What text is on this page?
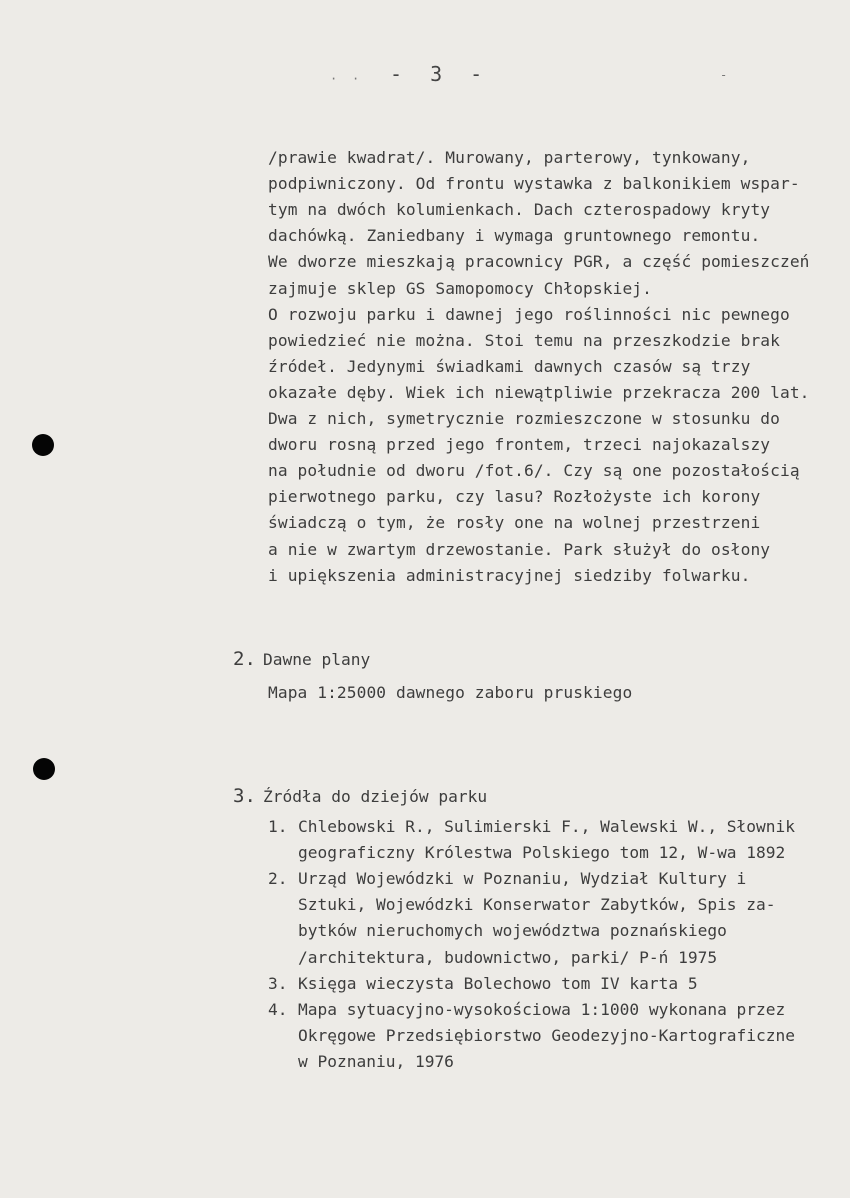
· ·	-
- 3 -
/prawie kwadrat/. Murowany, parterowy, tynkowany,
podpiwniczony. Od frontu wystawka z balkonikiem wspar-
tym na dwóch kolumienkach. Dach czterospadowy kryty
dachówką. Zaniedbany i wymaga gruntownego remontu.
We dworze mieszkają pracownicy PGR, a część pomieszczeń
zajmuje sklep GS Samopomocy Chłopskiej.
O rozwoju parku i dawnej jego roślinności nic pewnego
powiedzieć nie można. Stoi temu na przeszkodzie brak
źródeł. Jedynymi świadkami dawnych czasów są trzy
okazałe dęby. Wiek ich niewątpliwie przekracza 200 lat.
Dwa z nich, symetrycznie rozmieszczone w stosunku do
dworu rosną przed jego frontem, trzeci najokazalszy
na południe od dworu /fot.6/. Czy są one pozostałością
pierwotnego parku, czy lasu? Rozłożyste ich korony
świadczą o tym, że rosły one na wolnej przestrzeni
a nie w zwartym drzewostanie. Park służył do osłony
i upiększenia administracyjnej siedziby folwarku.
2. Dawne plany
Mapa 1:25000 dawnego zaboru pruskiego
3. Źródła do dziejów parku
1. Chlebowski R., Sulimierski F., Walewski W., Słownik
geograficzny Królestwa Polskiego tom 12, W-wa 1892
2. Urząd Wojewódzki w Poznaniu, Wydział Kultury i
Sztuki, Wojewódzki Konserwator Zabytków, Spis za-
bytków nieruchomych województwa poznańskiego
/architektura, budownictwo, parki/ P-ń 1975
3. Księga wieczysta Bolechowo tom IV karta 5
4. Mapa sytuacyjno-wysokościowa 1:1000 wykonana przez
Okręgowe Przedsiębiorstwo Geodezyjno-Kartograficzne
w Poznaniu, 1976
